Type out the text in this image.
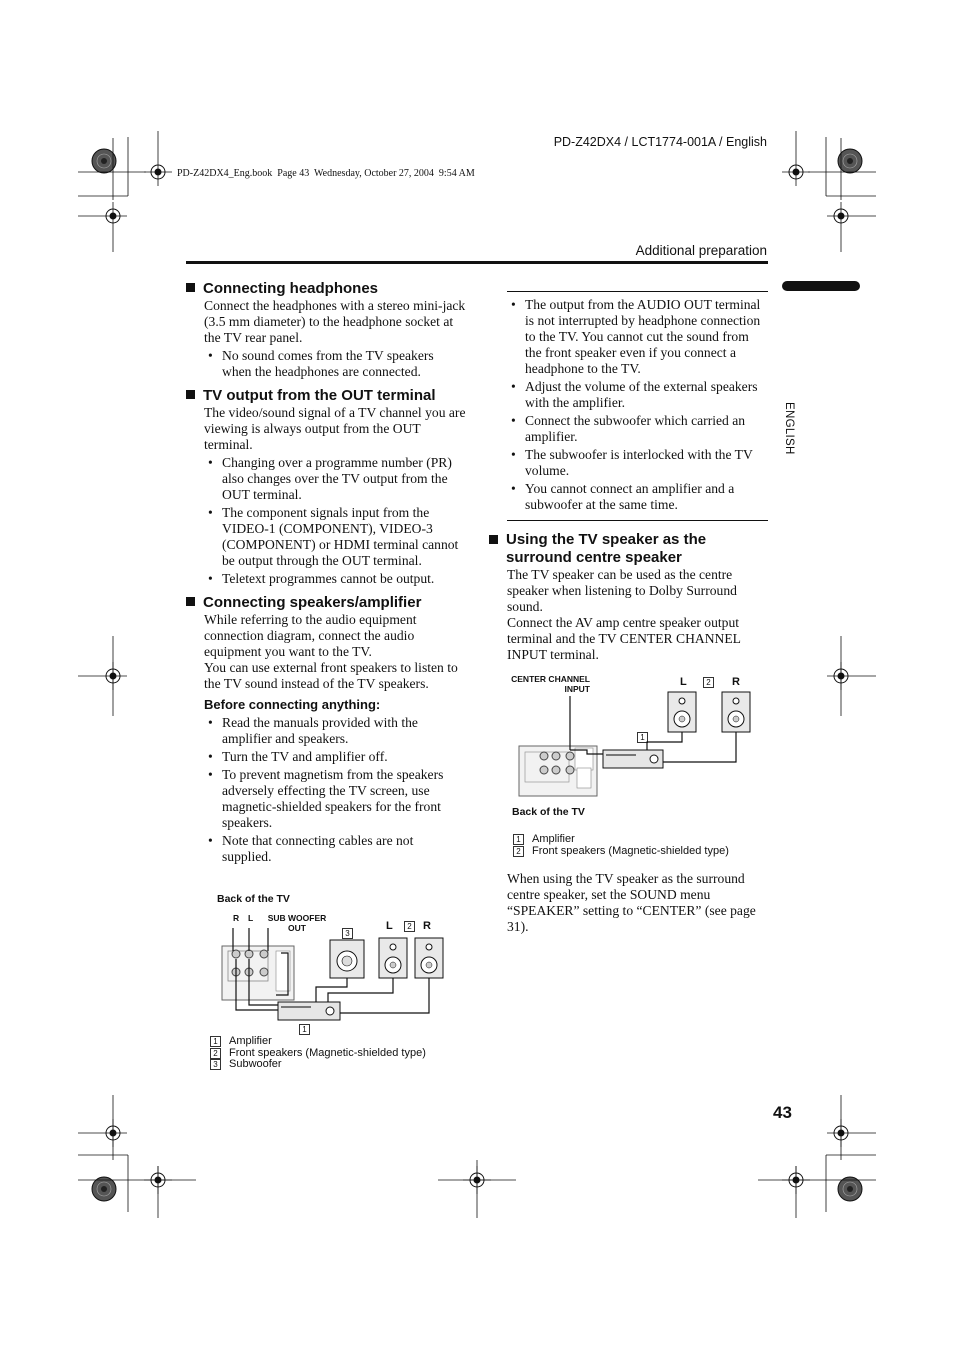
PD-Z42DX4 / LCT1774-001A / English
PD-Z42DX4_Eng.book  Page 43  Wednesday, October 27, 2004  9:54 AM
Additional preparation
ENGLISH
Connecting headphones

Connect the headphones with a stereo mini-jack (3.5 mm diameter) to the headphone socket at the TV rear panel.

• No sound comes from the TV speakers when the headphones are connected.
TV output from the OUT terminal

The video/sound signal of a TV channel you are viewing is always output from the OUT terminal.

• Changing over a programme number (PR) also changes over the TV output from the OUT terminal.
• The component signals input from the VIDEO-1 (COMPONENT), VIDEO-3 (COMPONENT) or HDMI terminal cannot be output through the OUT terminal.
• Teletext programmes cannot be output.
Connecting speakers/amplifier

While referring to the audio equipment connection diagram, connect the audio equipment you want to the TV.

You can use external front speakers to listen to the TV sound instead of the TV speakers.

Before connecting anything:
• Read the manuals provided with the amplifier and speakers.
• Turn the TV and amplifier off.
• To prevent magnetism from the speakers adversely effecting the TV screen, use magnetic-shielded speakers for the front speakers.
• Note that connecting cables are not supplied.
Back of the TV
R L	SUB WOOFER
OUT	L	R
3
2
1
1 Amplifier
2 Front speakers (Magnetic-shielded type)
3 Subwoofer
• The output from the AUDIO OUT terminal is not interrupted by headphone connection to the TV. You cannot cut the sound from the front speaker even if you connect a headphone to the TV.
• Adjust the volume of the external speakers with the amplifier.
• Connect the subwoofer which carried an amplifier.
• The subwoofer is interlocked with the TV volume.
• You cannot connect an amplifier and a subwoofer at the same time.
Using the TV speaker as the surround centre speaker

The TV speaker can be used as the centre speaker when listening to Dolby Surround sound.

Connect the AV amp centre speaker output terminal and the TV CENTER CHANNEL INPUT terminal.

CENTER CHANNEL
INPUT
L	R
2
1
Back of the TV
1 Amplifier
2 Front speakers (Magnetic-shielded type)
When using the TV speaker as the surround centre speaker, set the SOUND menu “SPEAKER” setting to “CENTER” (see page 31).
43
